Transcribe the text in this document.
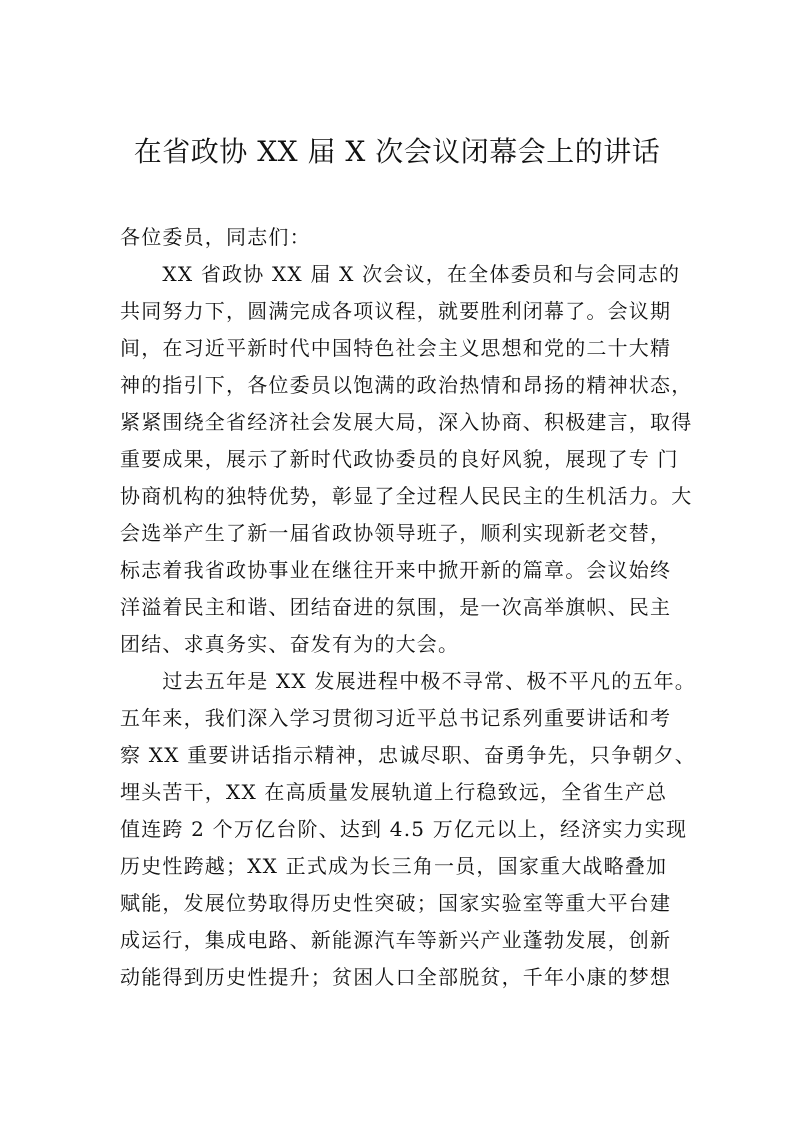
在省政协 XX 届 X 次会议闭幕会上的讲话
各位委员，同志们：
　　XX 省政协 XX 届 X 次会议，在全体委员和与会同志的
共同努力下，圆满完成各项议程，就要胜利闭幕了。会议期
间，在习近平新时代中国特色社会主义思想和党的二十大精
神的指引下，各位委员以饱满的政治热情和昂扬的精神状态，
紧紧围绕全省经济社会发展大局，深入协商、积极建言，取得
重要成果，展示了新时代政协委员的良好风貌，展现了专 门
协商机构的独特优势，彰显了全过程人民民主的生机活力。大
会选举产生了新一届省政协领导班子，顺利实现新老交替，
标志着我省政协事业在继往开来中掀开新的篇章。会议始终
洋溢着民主和谐、团结奋进的氛围，是一次高举旗帜、民主
团结、求真务实、奋发有为的大会。
　　过去五年是 XX 发展进程中极不寻常、极不平凡的五年。
五年来，我们深入学习贯彻习近平总书记系列重要讲话和考
察 XX 重要讲话指示精神，忠诚尽职、奋勇争先，只争朝夕、
埋头苦干，XX 在高质量发展轨道上行稳致远，全省生产总
值连跨 2 个万亿台阶、达到 4.5 万亿元以上，经济实力实现
历史性跨越；XX 正式成为长三角一员，国家重大战略叠加
赋能，发展位势取得历史性突破；国家实验室等重大平台建
成运行，集成电路、新能源汽车等新兴产业蓬勃发展，创新
动能得到历史性提升；贫困人口全部脱贫，千年小康的梦想
